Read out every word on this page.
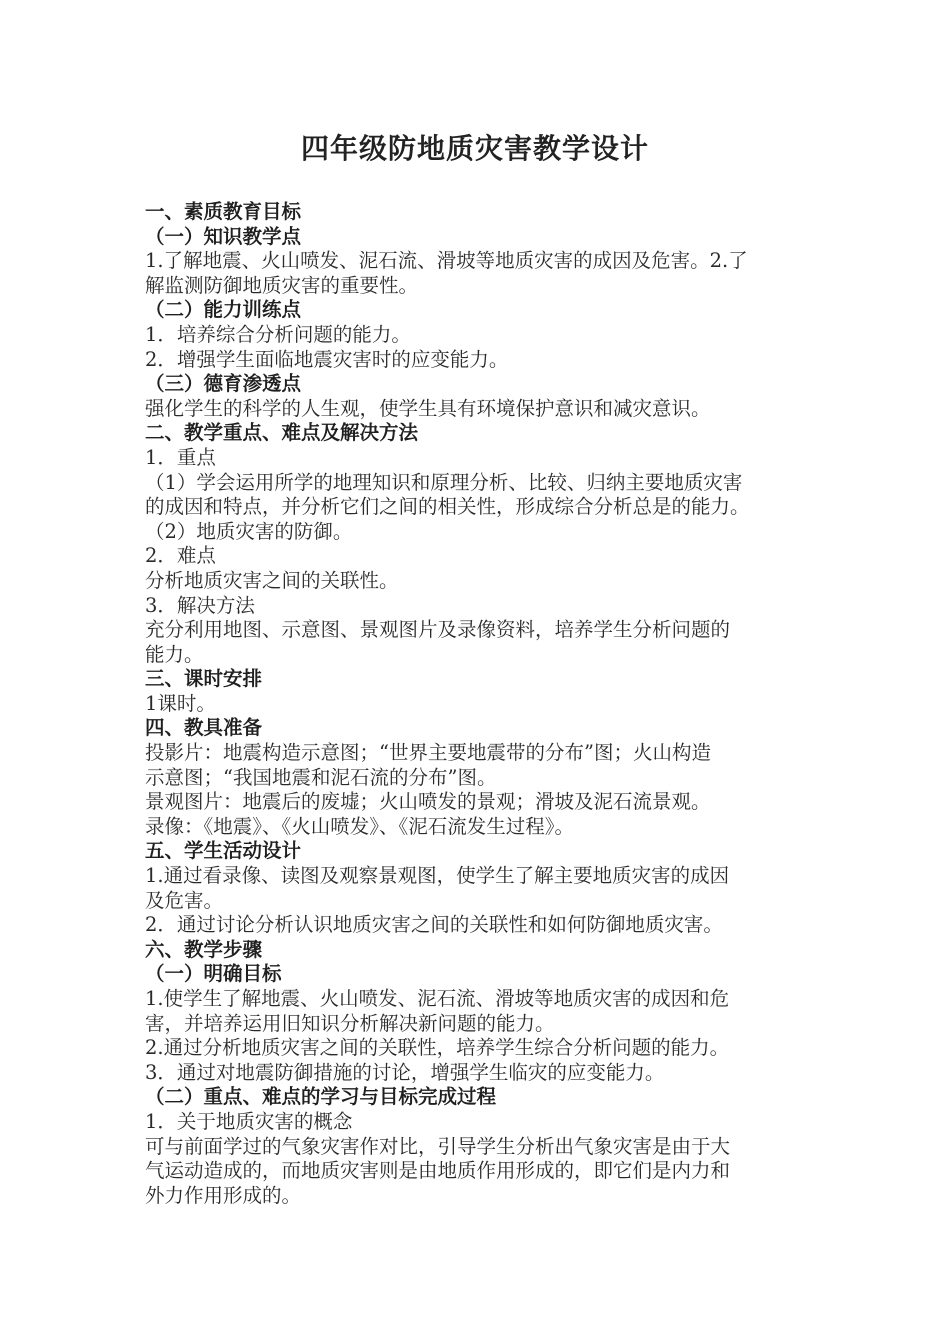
四年级防地质灾害教学设计
一、素质教育目标
（一）知识教学点
1.了解地震、火山喷发、泥石流、滑坡等地质灾害的成因及危害。2.了
解监测防御地质灾害的重要性。
（二）能力训练点
1．培养综合分析问题的能力。
2．增强学生面临地震灾害时的应变能力。
（三）德育渗透点
强化学生的科学的人生观，使学生具有环境保护意识和减灾意识。
二、教学重点、难点及解决方法
1．重点
（1）学会运用所学的地理知识和原理分析、比较、归纳主要地质灾害
的成因和特点，并分析它们之间的相关性，形成综合分析总是的能力。
（2）地质灾害的防御。
2．难点
分析地质灾害之间的关联性。
3．解决方法
充分利用地图、示意图、景观图片及录像资料，培养学生分析问题的
能力。
三、课时安排
1课时。
四、教具准备
投影片：地震构造示意图；“世界主要地震带的分布”图；火山构造
示意图；“我国地震和泥石流的分布”图。
景观图片：地震后的废墟；火山喷发的景观；滑坡及泥石流景观。
录像：《地震》、《火山喷发》、《泥石流发生过程》。
五、学生活动设计
1.通过看录像、读图及观察景观图，使学生了解主要地质灾害的成因
及危害。
2．通过讨论分析认识地质灾害之间的关联性和如何防御地质灾害。
六、教学步骤
（一）明确目标
1.使学生了解地震、火山喷发、泥石流、滑坡等地质灾害的成因和危
害，并培养运用旧知识分析解决新问题的能力。
2.通过分析地质灾害之间的关联性，培养学生综合分析问题的能力。
3．通过对地震防御措施的讨论，增强学生临灾的应变能力。
（二）重点、难点的学习与目标完成过程
1．关于地质灾害的概念
可与前面学过的气象灾害作对比，引导学生分析出气象灾害是由于大
气运动造成的，而地质灾害则是由地质作用形成的，即它们是内力和
外力作用形成的。
